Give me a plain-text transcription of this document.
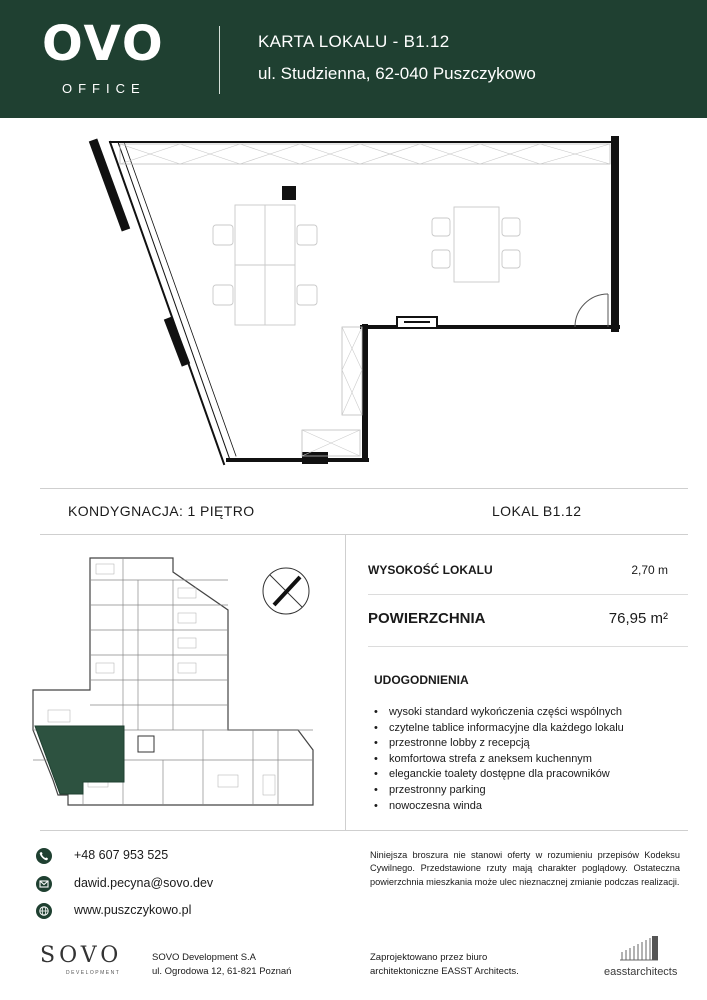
OVO
OFFICE
KARTA LOKALU - B1.12
ul. Studzienna, 62-040 Puszczykowo
KONDYGNACJA: 1 PIĘTRO	LOKAL B1.12
WYSOKOŚĆ LOKALU	2,70 m
POWIERZCHNIA	76,95 m²
UDOGODNIENIA
• wysoki standard wykończenia części wspólnych
• czytelne tablice informacyjne dla każdego lokalu
• przestronne lobby z recepcją
• komfortowa strefa z aneksem kuchennym
• eleganckie toalety dostępne dla pracowników
• przestronny parking
• nowoczesna winda
+48 607 953 525
dawid.pecyna@sovo.dev
www.puszczykowo.pl
Niniejsza broszura nie stanowi oferty w rozumieniu przepisów Kodeksu Cywilnego. Przedstawione rzuty mają charakter poglądowy. Ostateczna powierzchnia mieszkania może ulec nieznacznej zmianie podczas realizacji.
SOVO
DEVELOPMENT
SOVO Development S.A
ul. Ogrodowa 12, 61-821 Poznań
Zaprojektowano przez biuro
architektoniczne EASST Architects.	easstarchitects
